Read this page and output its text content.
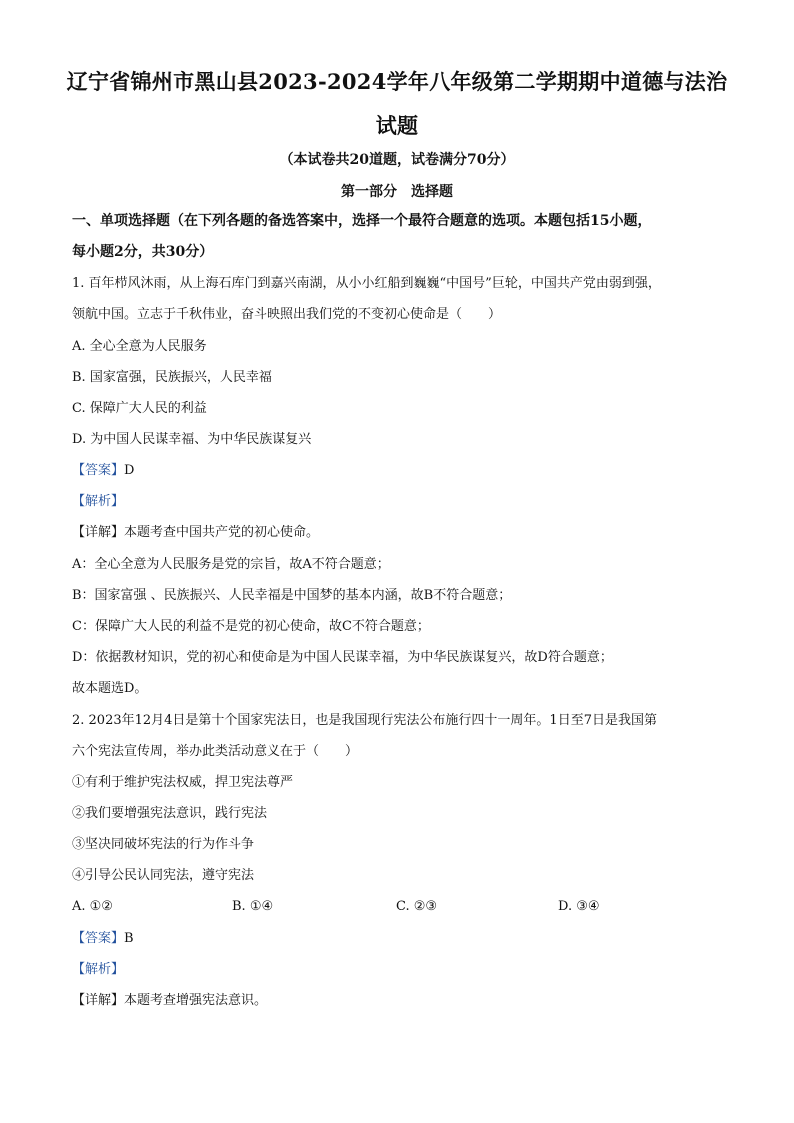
辽宁省锦州市黑山县2023-2024学年八年级第二学期期中道德与法治
试题
（本试卷共20道题，试卷满分70分）
第一部分　选择题
一、单项选择题（在下列各题的备选答案中，选择一个最符合题意的选项。本题包括15小题，
每小题2分，共30分）
1. 百年栉风沐雨，从上海石库门到嘉兴南湖，从小小红船到巍巍“中国号”巨轮，中国共产党由弱到强，
领航中国。立志于千秋伟业，奋斗映照出我们党的不变初心使命是（　　）
A. 全心全意为人民服务
B. 国家富强，民族振兴，人民幸福
C. 保障广大人民的利益
D. 为中国人民谋幸福、为中华民族谋复兴
【答案】D
【解析】
【详解】本题考查中国共产党的初心使命。
A：全心全意为人民服务是党的宗旨，故A不符合题意；
B：国家富强 、民族振兴、人民幸福是中国梦的基本内涵，故B不符合题意；
C：保障广大人民的利益不是党的初心使命，故C不符合题意；
D：依据教材知识，党的初心和使命是为中国人民谋幸福，为中华民族谋复兴，故D符合题意；
故本题选D。
2. 2023年12月4日是第十个国家宪法日，也是我国现行宪法公布施行四十一周年。1日至7日是我国第
六个宪法宣传周，举办此类活动意义在于（　　）
①有利于维护宪法权威，捍卫宪法尊严
②我们要增强宪法意识，践行宪法
③坚决同破坏宪法的行为作斗争
④引导公民认同宪法，遵守宪法
A. ①②	B. ①④	C. ②③	D. ③④
【答案】B
【解析】
【详解】本题考查增强宪法意识。
